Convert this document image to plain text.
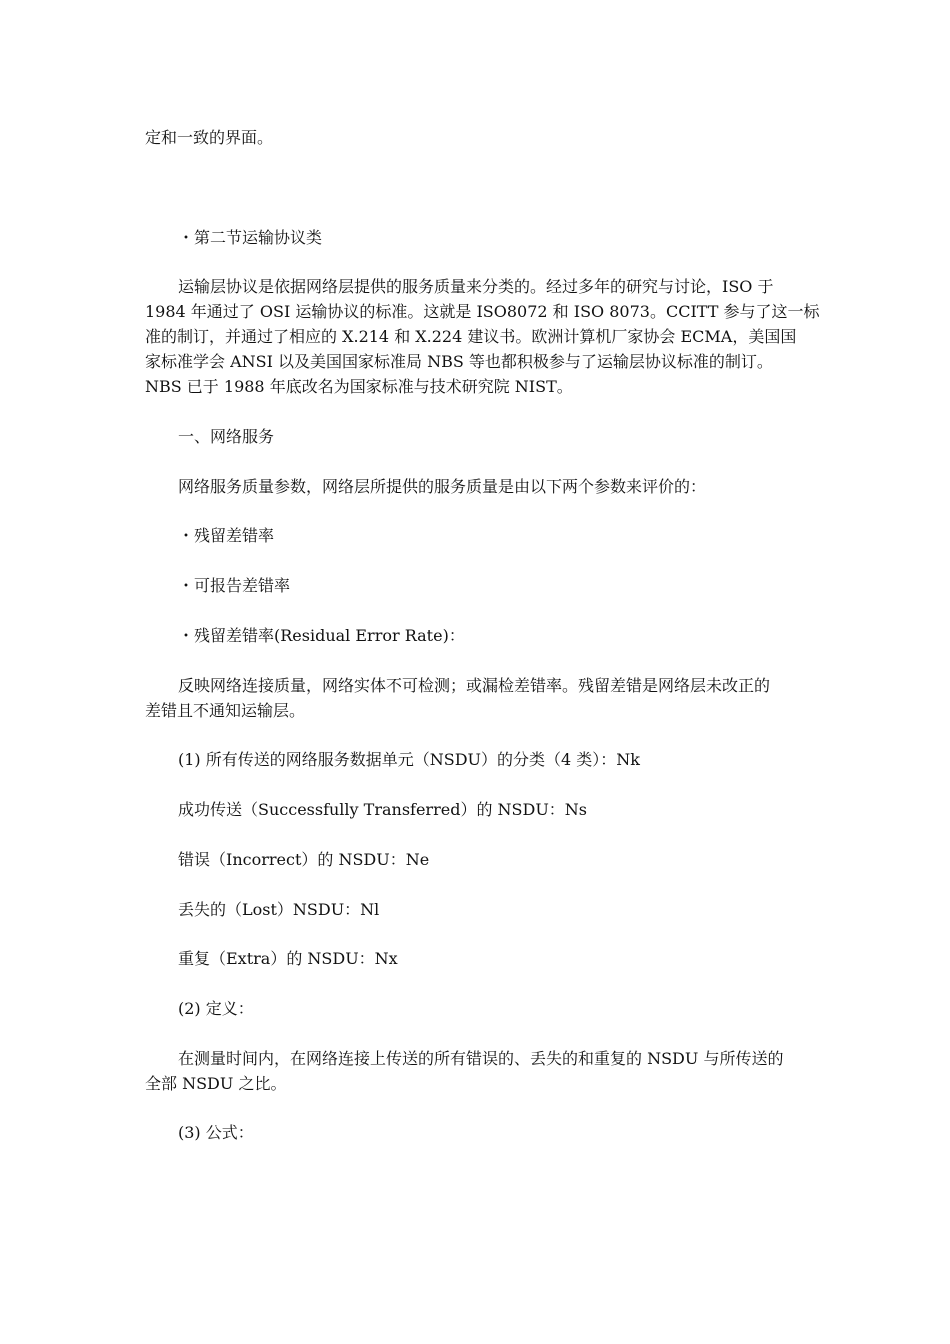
定和一致的界面。
・第二节运输协议类
运输层协议是依据网络层提供的服务质量来分类的。经过多年的研究与讨论，ISO 于
1984 年通过了 OSI 运输协议的标准。这就是 ISO8072 和 ISO 8073。CCITT 参与了这一标
准的制订，并通过了相应的 X.214 和 X.224 建议书。欧洲计算机厂家协会 ECMA，美国国
家标准学会 ANSI 以及美国国家标准局 NBS 等也都积极参与了运输层协议标准的制订。
NBS 已于 1988 年底改名为国家标准与技术研究院 NIST。
一、网络服务
网络服务质量参数，网络层所提供的服务质量是由以下两个参数来评价的：
・残留差错率
・可报告差错率
・残留差错率(Residual Error Rate)：
反映网络连接质量，网络实体不可检测；或漏检差错率。残留差错是网络层未改正的
差错且不通知运输层。
(1) 所有传送的网络服务数据单元（NSDU）的分类（4 类）：Nk
成功传送（Successfully Transferred）的 NSDU：Ns
错误（Incorrect）的 NSDU：Ne
丢失的（Lost）NSDU：Nl
重复（Extra）的 NSDU：Nx
(2) 定义：
在测量时间内，在网络连接上传送的所有错误的、丢失的和重复的 NSDU 与所传送的
全部 NSDU 之比。
(3) 公式：
